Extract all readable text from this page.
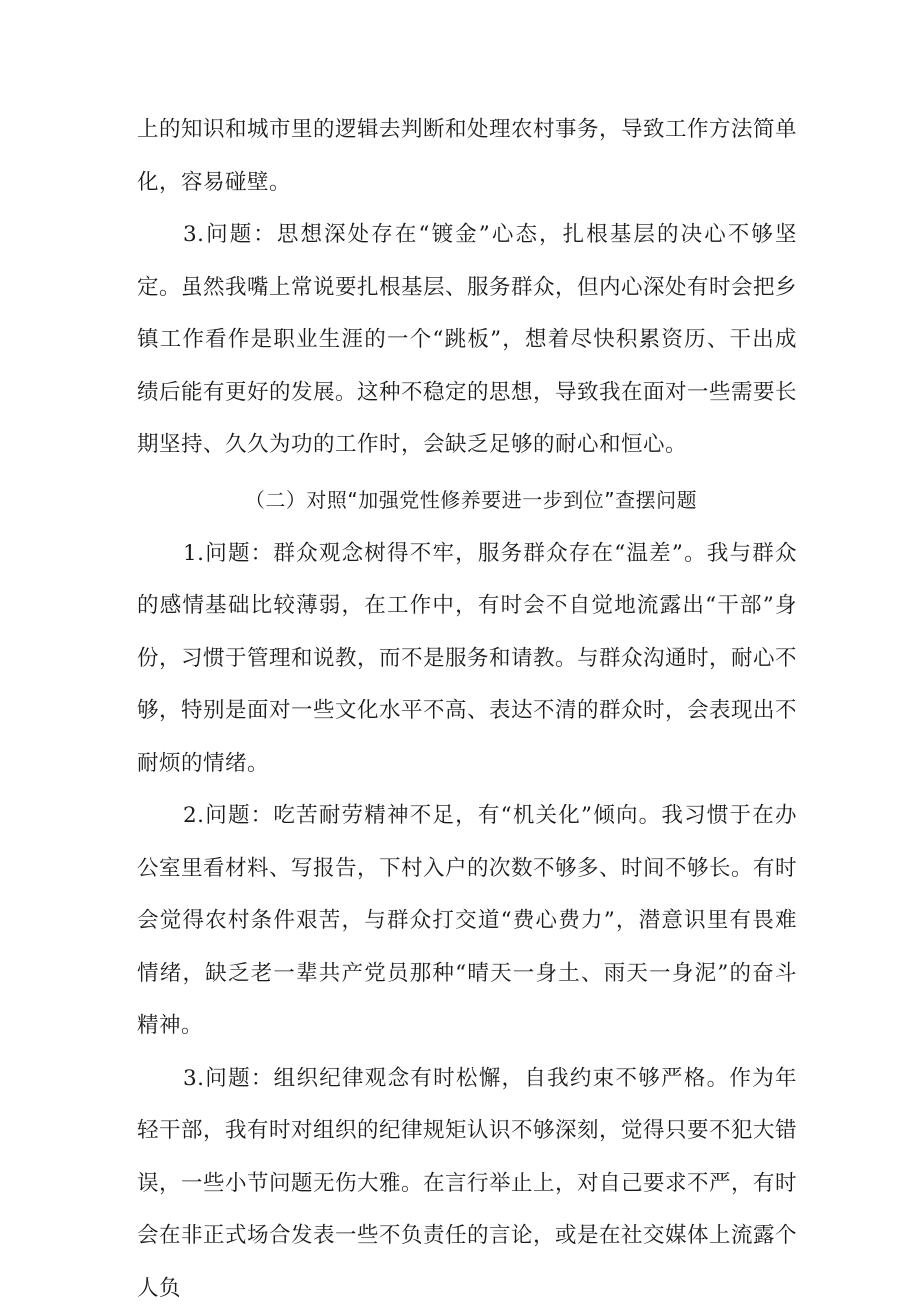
上的知识和城市里的逻辑去判断和处理农村事务，导致工作方法简单化，容易碰壁。

3.问题：思想深处存在“镀金”心态，扎根基层的决心不够坚定。虽然我嘴上常说要扎根基层、服务群众，但内心深处有时会把乡镇工作看作是职业生涯的一个“跳板”，想着尽快积累资历、干出成绩后能有更好的发展。这种不稳定的思想，导致我在面对一些需要长期坚持、久久为功的工作时，会缺乏足够的耐心和恒心。

（二）对照“加强党性修养要进一步到位”查摆问题

1.问题：群众观念树得不牢，服务群众存在“温差”。我与群众的感情基础比较薄弱，在工作中，有时会不自觉地流露出“干部”身份，习惯于管理和说教，而不是服务和请教。与群众沟通时，耐心不够，特别是面对一些文化水平不高、表达不清的群众时，会表现出不耐烦的情绪。

2.问题：吃苦耐劳精神不足，有“机关化”倾向。我习惯于在办公室里看材料、写报告，下村入户的次数不够多、时间不够长。有时会觉得农村条件艰苦，与群众打交道“费心费力”，潜意识里有畏难情绪，缺乏老一辈共产党员那种“晴天一身土、雨天一身泥”的奋斗精神。

3.问题：组织纪律观念有时松懈，自我约束不够严格。作为年轻干部，我有时对组织的纪律规矩认识不够深刻，觉得只要不犯大错误，一些小节问题无伤大雅。在言行举止上，对自己要求不严，有时会在非正式场合发表一些不负责任的言论，或是在社交媒体上流露个人负
